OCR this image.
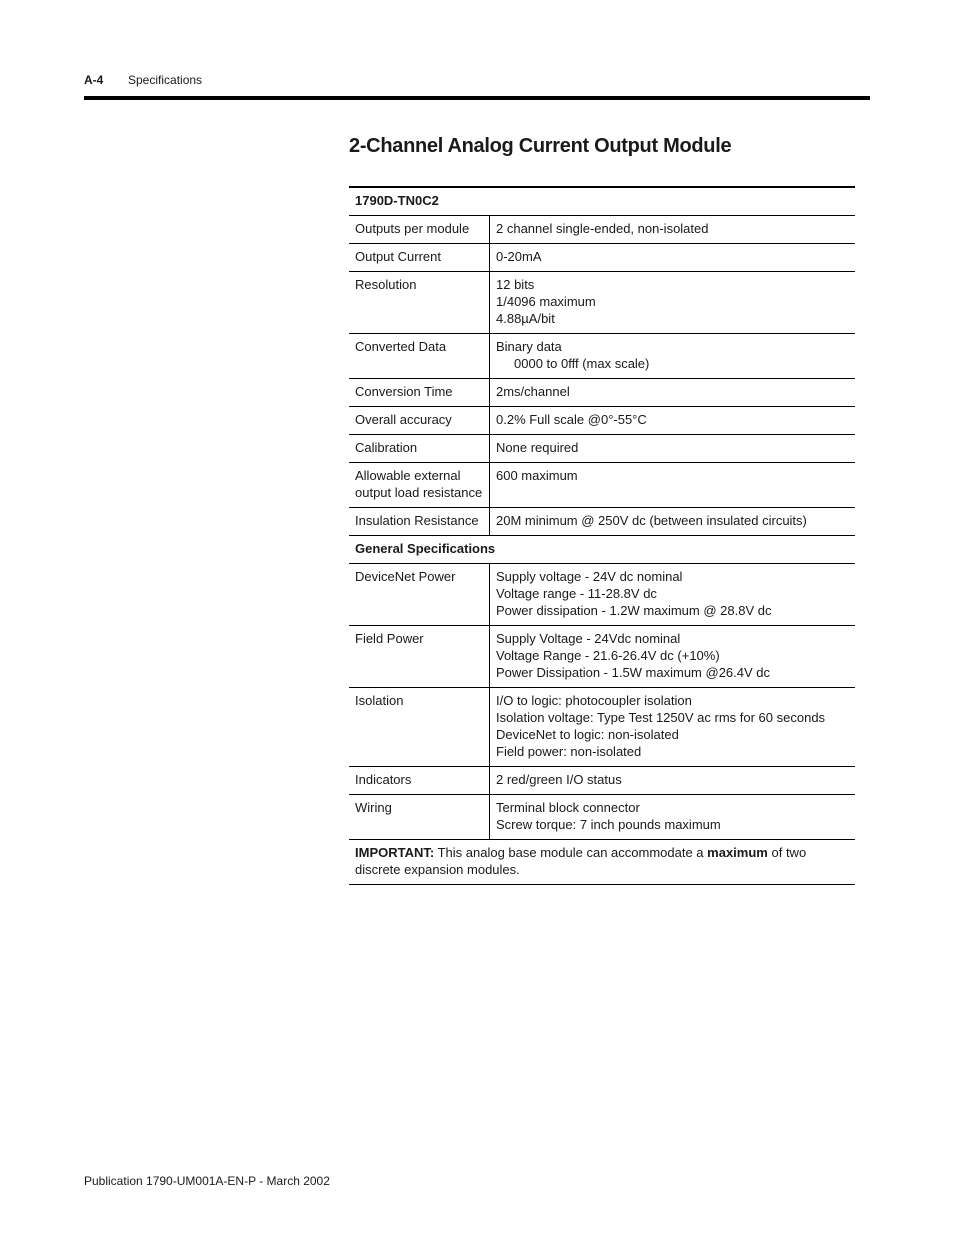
A-4 Specifications
2-Channel Analog Current Output Module
1790D-TN0C2	
Outputs per module	2 channel single-ended, non-isolated

Output Current	0-20mA

Resolution	12 bits
1/4096 maximum
4.88µA/bit

Converted Data	Binary data
0000 to 0fff (max scale)

Conversion Time	2ms/channel

Overall accuracy	0.2% Full scale @0°-55°C

Calibration	None required

Allowable external output load resistance	600 maximum

Insulation Resistance	20M minimum @ 250V dc (between insulated circuits)

General Specifications	
DeviceNet Power	Supply voltage - 24V dc nominal
Voltage range - 11-28.8V dc
Power dissipation - 1.2W maximum @ 28.8V dc

Field Power	Supply Voltage - 24Vdc nominal
Voltage Range - 21.6-26.4V dc (+10%)
Power Dissipation - 1.5W maximum @26.4V dc

Isolation	I/O to logic: photocoupler isolation
Isolation voltage: Type Test 1250V ac rms for 60 seconds
DeviceNet to logic: non-isolated
Field power: non-isolated

Indicators	2 red/green I/O status

Wiring	Terminal block connector
Screw torque: 7 inch pounds maximum

IMPORTANT: This analog base module can accommodate a maximum of two discrete expansion modules.	
Publication 1790-UM001A-EN-P - March 2002
